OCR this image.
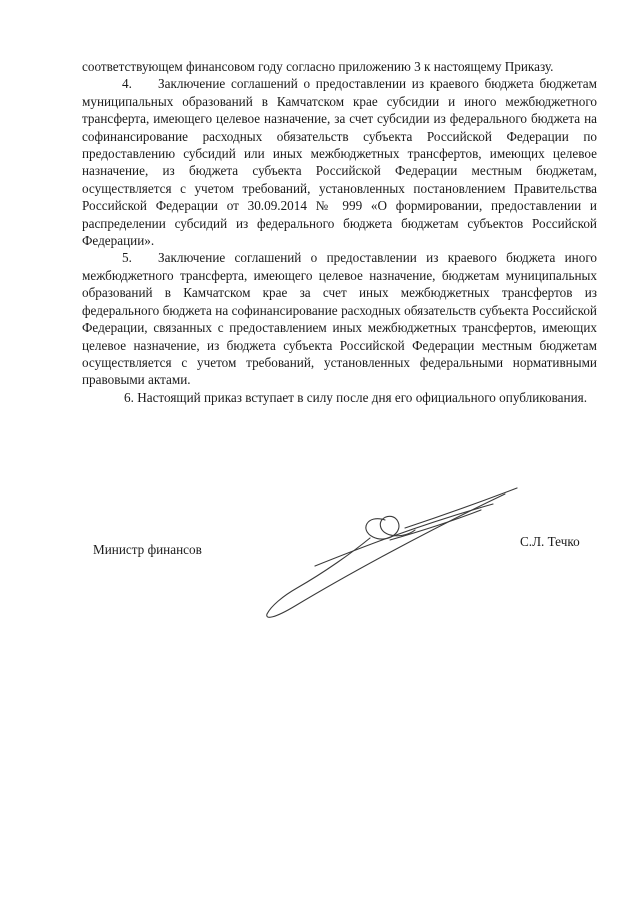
соответствующем финансовом году согласно приложению 3 к настоящему Приказу.

4. Заключение соглашений о предоставлении из краевого бюджета бюджетам муниципальных образований в Камчатском крае субсидии и иного межбюджетного трансферта, имеющего целевое назначение, за счет субсидии из федерального бюджета на софинансирование расходных обязательств субъекта Российской Федерации по предоставлению субсидий или иных межбюджетных трансфертов, имеющих целевое назначение, из бюджета субъекта Российской Федерации местным бюджетам, осуществляется с учетом требований, установленных постановлением Правительства Российской Федерации от 30.09.2014 № 999 «О формировании, предоставлении и распределении субсидий из федерального бюджета бюджетам субъектов Российской Федерации».

5. Заключение соглашений о предоставлении из краевого бюджета иного межбюджетного трансферта, имеющего целевое назначение, бюджетам муниципальных образований в Камчатском крае за счет иных межбюджетных трансфертов из федерального бюджета на софинансирование расходных обязательств субъекта Российской Федерации, связанных с предоставлением иных межбюджетных трансфертов, имеющих целевое назначение, из бюджета субъекта Российской Федерации местным бюджетам осуществляется с учетом требований, установленных федеральными нормативными правовыми актами.

6. Настоящий приказ вступает в силу после дня его официального опубликования.

Министр финансов
С.Л. Течко
